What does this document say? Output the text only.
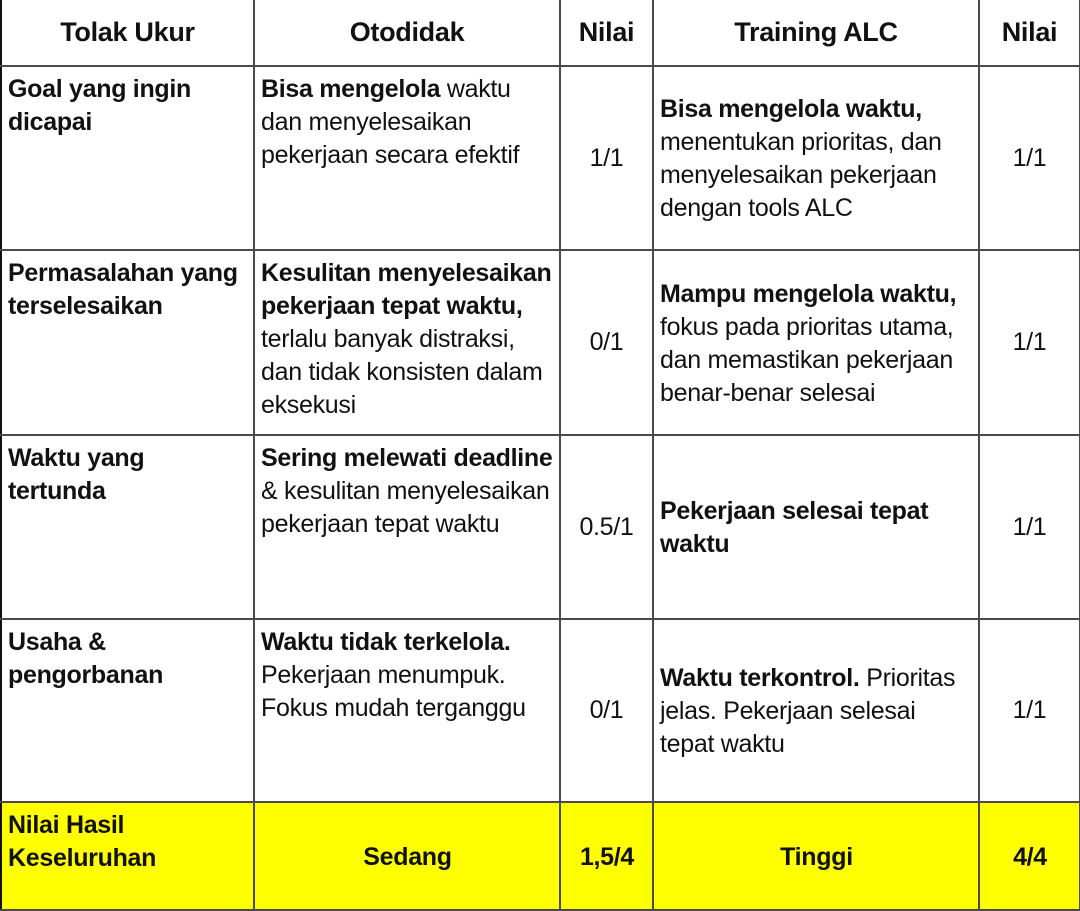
Tolak Ukur	Otodidak	Nilai	Training ALC	Nilai
Goal yang ingin dicapai	Bisa mengelola waktu dan menyelesaikan pekerjaan secara efektif	1/1	Bisa mengelola waktu, menentukan prioritas, dan menyelesaikan pekerjaan dengan tools ALC	1/1
Permasalahan yang terselesaikan	Kesulitan menyelesaikan pekerjaan tepat waktu, terlalu banyak distraksi, dan tidak konsisten dalam eksekusi	0/1	Mampu mengelola waktu, fokus pada prioritas utama, dan memastikan pekerjaan benar-benar selesai	1/1
Waktu yang tertunda	Sering melewati deadline & kesulitan menyelesaikan pekerjaan tepat waktu	0.5/1	Pekerjaan selesai tepat waktu	1/1
Usaha & pengorbanan	Waktu tidak terkelola. Pekerjaan menumpuk. Fokus mudah terganggu	0/1	Waktu terkontrol. Prioritas jelas. Pekerjaan selesai tepat waktu	1/1
Nilai Hasil Keseluruhan	Sedang	1,5/4	Tinggi	4/4
